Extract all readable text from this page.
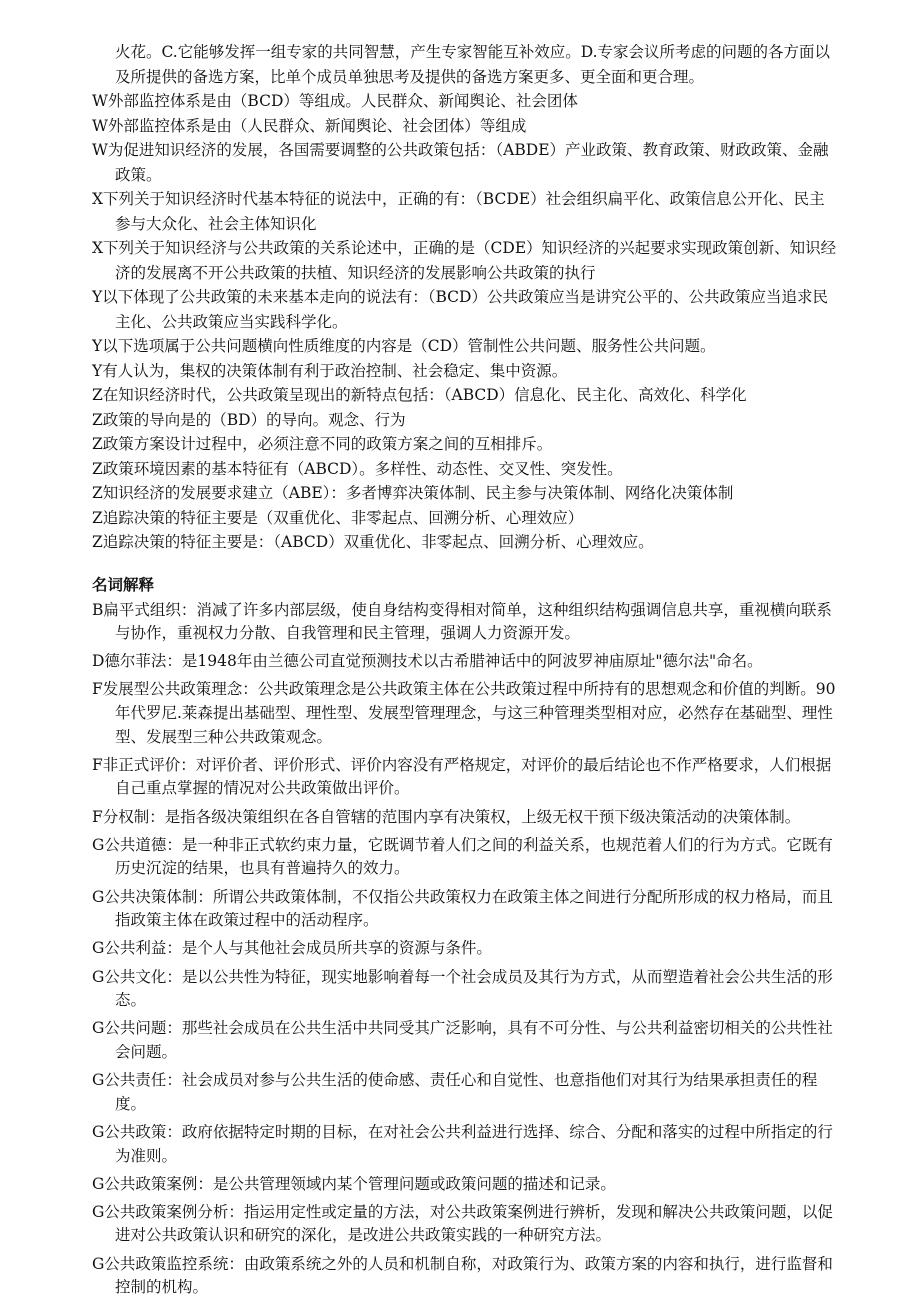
火花。C.它能够发挥一组专家的共同智慧，产生专家智能互补效应。D.专家会议所考虑的问题的各方面以及所提供的备选方案，比单个成员单独思考及提供的备选方案更多、更全面和更合理。

W外部监控体系是由（BCD）等组成。人民群众、新闻舆论、社会团体

W外部监控体系是由（人民群众、新闻舆论、社会团体）等组成

W为促进知识经济的发展，各国需要调整的公共政策包括：（ABDE）产业政策、教育政策、财政政策、金融政策。

X下列关于知识经济时代基本特征的说法中，正确的有：（BCDE）社会组织扁平化、政策信息公开化、民主参与大众化、社会主体知识化

X下列关于知识经济与公共政策的关系论述中，正确的是（CDE）知识经济的兴起要求实现政策创新、知识经济的发展离不开公共政策的扶植、知识经济的发展影响公共政策的执行

Y以下体现了公共政策的未来基本走向的说法有：（BCD）公共政策应当是讲究公平的、公共政策应当追求民主化、公共政策应当实践科学化。

Y以下选项属于公共问题横向性质维度的内容是（CD）管制性公共问题、服务性公共问题。

Y有人认为，集权的决策体制有利于政治控制、社会稳定、集中资源。

Z在知识经济时代，公共政策呈现出的新特点包括：（ABCD）信息化、民主化、高效化、科学化

Z政策的导向是的（BD）的导向。观念、行为

Z政策方案设计过程中，必须注意不同的政策方案之间的互相排斥。

Z政策环境因素的基本特征有（ABCD）。多样性、动态性、交叉性、突发性。

Z知识经济的发展要求建立（ABE）：多者博弈决策体制、民主参与决策体制、网络化决策体制

Z追踪决策的特征主要是（双重优化、非零起点、回溯分析、心理效应）

Z追踪决策的特征主要是：（ABCD）双重优化、非零起点、回溯分析、心理效应。

名词解释

B扁平式组织：消减了许多内部层级，使自身结构变得相对简单，这种组织结构强调信息共享，重视横向联系与协作，重视权力分散、自我管理和民主管理，强调人力资源开发。

D德尔菲法：是1948年由兰德公司直觉预测技术以古希腊神话中的阿波罗神庙原址"德尔法"命名。

F发展型公共政策理念：公共政策理念是公共政策主体在公共政策过程中所持有的思想观念和价值的判断。90年代罗尼.莱森提出基础型、理性型、发展型管理理念，与这三种管理类型相对应，必然存在基础型、理性型、发展型三种公共政策观念。

F非正式评价：对评价者、评价形式、评价内容没有严格规定，对评价的最后结论也不作严格要求，人们根据自己重点掌握的情况对公共政策做出评价。

F分权制：是指各级决策组织在各自管辖的范围内享有决策权，上级无权干预下级决策活动的决策体制。

G公共道德：是一种非正式软约束力量，它既调节着人们之间的利益关系，也规范着人们的行为方式。它既有历史沉淀的结果，也具有普遍持久的效力。

G公共决策体制：所谓公共政策体制，不仅指公共政策权力在政策主体之间进行分配所形成的权力格局，而且指政策主体在政策过程中的活动程序。

G公共利益：是个人与其他社会成员所共享的资源与条件。

G公共文化：是以公共性为特征，现实地影响着每一个社会成员及其行为方式，从而塑造着社会公共生活的形态。

G公共问题：那些社会成员在公共生活中共同受其广泛影响，具有不可分性、与公共利益密切相关的公共性社会问题。

G公共责任：社会成员对参与公共生活的使命感、责任心和自觉性、也意指他们对其行为结果承担责任的程度。

G公共政策：政府依据特定时期的目标，在对社会公共利益进行选择、综合、分配和落实的过程中所指定的行为准则。

G公共政策案例：是公共管理领域内某个管理问题或政策问题的描述和记录。

G公共政策案例分析：指运用定性或定量的方法，对公共政策案例进行辨析，发现和解决公共政策问题，以促进对公共政策认识和研究的深化，是改进公共政策实践的一种研究方法。

G公共政策监控系统：由政策系统之外的人员和机制自称，对政策行为、政策方案的内容和执行，进行监督和控制的机构。
